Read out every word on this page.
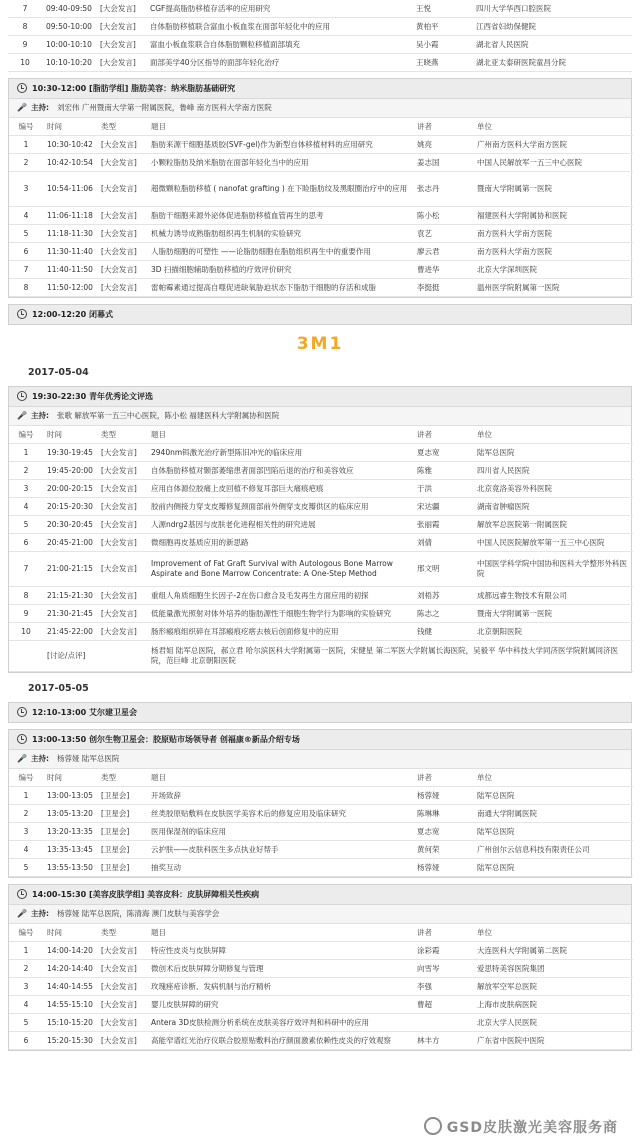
7	09:40-09:50	[大会发言]	CGF提高脂肪移植存活率的应用研究	王悦	四川大学华西口腔医院
8	09:50-10:00	[大会发言]	自体脂肪移植联合富血小板血浆在面部年轻化中的应用	黄柏平	江西省妇幼保健院
9	10:00-10:10	[大会发言]	富血小板血浆联合自体脂肪颗粒移植面部填充	吴小霞	湖北省人民医院
10	10:10-10:20	[大会发言]	面部美学40分区指导的面部年轻化治疗	王晓燕	湖北亚太泰研医院童昌分院
10:30-12:00 [脂肪学组] 脂肪美容：纳米脂肪基础研究
🎤 主持: 刘宏伟 广州暨南大学第一附属医院，鲁峰 南方医科大学南方医院
编号	时间	类型	题目	讲者	单位
1	10:30-10:42	[大会发言]	脂肪来源干细胞基质胶(SVF-gel)作为新型自体移植材料的应用研究	姚亮	广州南方医科大学南方医院
2	10:42-10:54	[大会发言]	小颗粒脂肪及纳米脂肪在面部年轻化当中的应用	姜志国	中国人民解放军一五三中心医院
3	10:54-11:06	[大会发言]	超微颗粒脂肪移植 ( nanofat grafting ) 在下睑脂肪纹及黑眼圈治疗中的应用	张志丹	暨南大学附属第一医院
4	11:06-11:18	[大会发言]	脂肪干细胞来源外泌体促进脂肪移植血管再生的思考	陈小松	福建医科大学附属协和医院
5	11:18-11:30	[大会发言]	机械力诱导成熟脂肪组织再生机制的实验研究	袁艺	南方医科大学南方医院
6	11:30-11:40	[大会发言]	人脂肪细胞的可塑性 ——论脂肪细胞在脂肪组织再生中的重要作用	廖云君	南方医科大学南方医院
7	11:40-11:50	[大会发言]	3D 扫描细胞辅助脂肪移植的疗效评价研究	曹进华	北京大学深圳医院
8	11:50-12:00	[大会发言]	雷帕霉素通过提高自噬促进缺氧胁迫状态下脂肪干细胞的存活和成脂	李挺挺	温州医学院附属第一医院
12:00-12:20 闭幕式
3M1
2017-05-04
19:30-22:30 青年优秀论文评选
🎤 主持: 张歌 解放军第一五三中心医院，陈小松 福建医科大学附属协和医院
编号	时间	类型	题目	讲者	单位
1	19:30-19:45	[大会发言]	2940nm铒激光治疗新型陈旧冲光的临床应用	夏志宽	陆军总医院
2	19:45-20:00	[大会发言]	自体脂肪移植对颞部萎缩患者面部凹陷后退的治疗和美容效应	陈雅	四川省人民医院
3	20:00-20:15	[大会发言]	应用自体源位胶痛上皮回植不修复耳部巨大痛痕疤痕	于洪	北京竟洛美容外科医院
4	20:15-20:30	[大会发言]	胶前内侧接力穿支皮瓣修复颈面部前外侧穿支皮瓣供区的临床应用	宋达疆	湖南省肿瘤医院
5	20:30-20:45	[大会发言]	人源ndrg2基因与皮肤老化进程相关性的研究进展	张丽霞	解放军总医院第一附属医院
6	20:45-21:00	[大会发言]	微细胞再皮基质应用的新思路	刘倩	中国人民医院解放军第一五三中心医院
7	21:00-21:15	[大会发言]	Improvement of Fat Graft Survival with Autologous Bone Marrow Aspirate and Bone Marrow Concentrate: A One-Step Method	邢文明	中国医学科学院中国协和医科大学整形外科医院
8	21:15-21:30	[大会发言]	重组人角质细胞生长因子-2在伤口愈合及毛发再生方面应用的初探	刘梧苏	成都远睿生物技术有限公司
9	21:30-21:45	[大会发言]	低能量激光照射对体外培养的脂肪源性干细胞生物学行为影响的实验研究	陈志之	暨南大学附属第一医院
10	21:45-22:00	[大会发言]	肠形瘢痕组织碎在耳部瘢痕疙瘩去核后创面修复中的应用	钱健	北京朝阳医院
	[讨论/点评]		杨君姐 陆军总医院，郝立君 哈尔滨医科大学附属第一医院，宋健星 第二军医大学附属长海医院，吴毅平 华中科技大学同济医学院附属同济医院，范巨峰 北京朝阳医院		
2017-05-05
12:10-13:00 艾尔建卫星会
13:00-13:50 创尔生物卫星会：胶原贴市场领导者 创福康®新品介绍专场
🎤 主持: 杨蓉娅 陆军总医院
编号	时间	类型	题目	讲者	单位
1	13:00-13:05	[卫星会]	开场致辞	杨蓉娅	陆军总医院
2	13:05-13:20	[卫星会]	丝类胶原贴敷料在皮肤医学美容术后的修复应用及临床研究	陈琳琳	南通大学附属医院
3	13:20-13:35	[卫星会]	医用保湿剂的临床应用	夏志宽	陆军总医院
4	13:35-13:45	[卫星会]	云护肤——皮肤科医生多点执业好帮手	黄何荣	广州创尔云信息科技有限责任公司
5	13:55-13:50	[卫星会]	抽奖互动	杨蓉娅	陆军总医院
14:00-15:30 [美容皮肤学组] 美容皮科：皮肤屏障相关性疾病
🎤 主持: 杨蓉娅 陆军总医院，陈清海 澳门皮肤与美容学会
编号	时间	类型	题目	讲者	单位
1	14:00-14:20	[大会发言]	特应性皮炎与皮肤屏障	涂彩霞	大连医科大学附属第二医院
2	14:20-14:40	[大会发言]	微创术后皮肤屏障分期修复与管理	向雪岑	爱思特美容医院集团
3	14:40-14:55	[大会发言]	玫瑰痤疮诊断、发病机制与治疗精析	李强	解放军空军总医院
4	14:55-15:10	[大会发言]	婴儿皮肤屏障的研究	曹超	上海市皮肤病医院
5	15:10-15:20	[大会发言]	Antera 3D皮肤检测分析系统在皮肤美容疗效评判和科研中的应用		北京大学人民医院
6	15:20-15:30	[大会发言]	高能窄谱红光治疗仪联合胶原贴敷料治疗颜面激素依赖性皮炎的疗效观察	林丰方	广东省中医院中医院
GSD皮肤激光美容服务商
